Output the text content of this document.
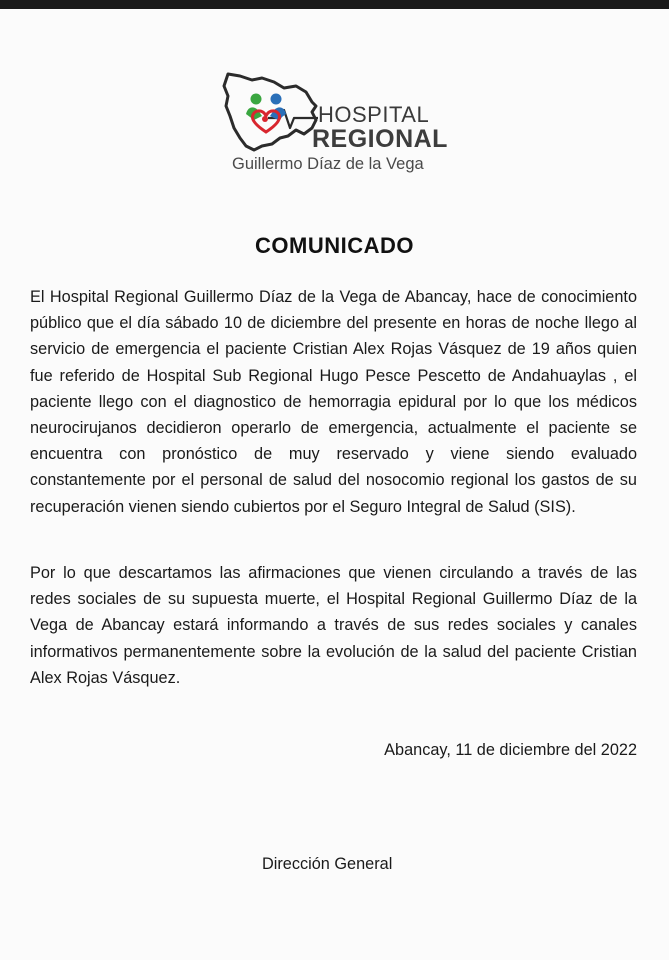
HOSPITAL
REGIONAL
Guillermo Díaz de la Vega
COMUNICADO
El Hospital Regional Guillermo Díaz de la Vega de Abancay, hace de conocimiento público que el día sábado 10 de diciembre del presente en horas de noche llego al servicio de emergencia el paciente Cristian Alex Rojas Vásquez de 19 años quien fue referido de Hospital Sub Regional Hugo Pesce Pescetto de Andahuaylas , el paciente llego con el diagnostico de hemorragia epidural por lo que los médicos neurocirujanos decidieron operarlo de emergencia, actualmente el paciente se encuentra con pronóstico de muy reservado y viene siendo evaluado constantemente por el personal de salud del nosocomio regional los gastos de su recuperación vienen siendo cubiertos por el Seguro Integral de Salud (SIS).
Por lo que descartamos las afirmaciones que vienen circulando a través de las redes sociales de su supuesta muerte, el Hospital Regional Guillermo Díaz de la Vega de Abancay estará informando a través de sus redes sociales y canales informativos permanentemente sobre la evolución de la salud del paciente Cristian Alex Rojas Vásquez.
Abancay, 11 de diciembre del 2022
Dirección General
